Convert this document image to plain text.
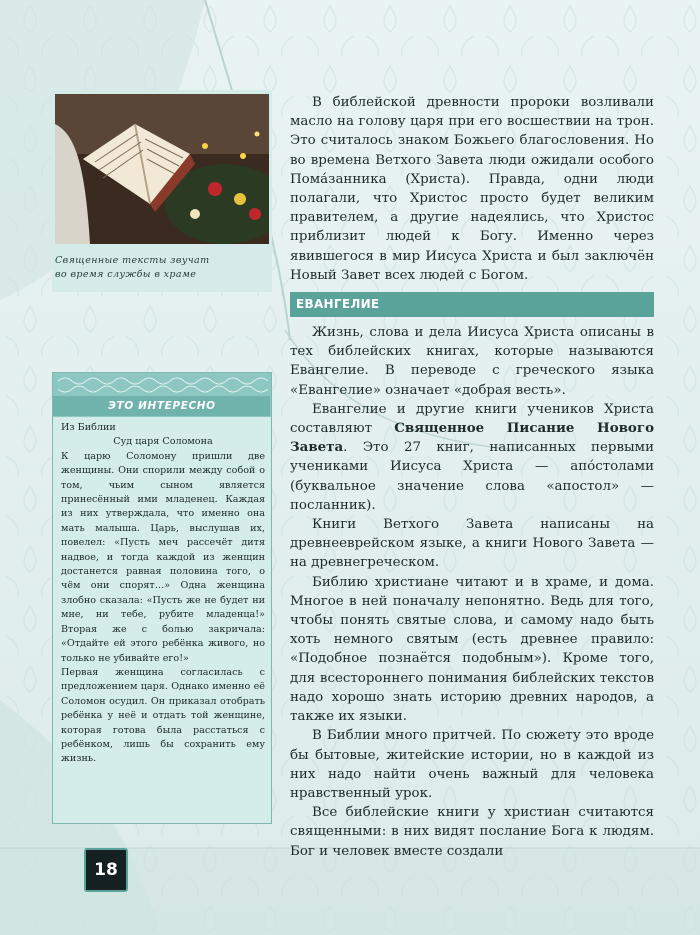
Священные тексты звучат
во время службы в храме
ЭТО ИНТЕРЕСНО

Из Библии

Суд царя Соломона

К царю Соломону пришли две женщины. Они спорили между собой о том, чьим сыном является принесённый ими младенец. Каждая из них утверждала, что именно она мать малыша. Царь, выслушав их, повелел: «Пусть меч рассечёт дитя надвое, и тогда каждой из женщин достанется равная половина того, о чём они спорят…» Одна женщина злобно сказала: «Пусть же не будет ни мне, ни тебе, рубите младенца!» Вторая же с болью закричала: «Отдайте ей этого ребёнка живого, но только не убивайте его!»

Первая женщина согласилась с предложением царя. Однако именно её Соломон осудил. Он приказал отобрать ребёнка у неё и отдать той женщине, которая готова была расстаться с ребёнком, лишь бы сохранить ему жизнь.

В библейской древности пророки возливали масло на голову царя при его восшествии на трон. Это считалось знаком Божьего благословения. Но во времена Ветхого Завета люди ожидали особого Пома́занника (Христа). Правда, одни люди полагали, что Христос просто будет великим правителем, а другие надеялись, что Христос приблизит людей к Богу. Именно через явившегося в мир Иисуса Христа и был заключён Новый Завет всех людей с Богом.

ЕВАНГЕЛИЕ

Жизнь, слова и дела Иисуса Христа описаны в тех библейских книгах, которые называются Евангелие. В переводе с греческого языка «Евангелие» означает «добрая весть».

Евангелие и другие книги учеников Христа составляют Священное Писание Нового Завета. Это 27 книг, написанных первыми учениками Иисуса Христа — апо́столами (буквальное значение слова «апостол» — посланник).

Книги Ветхого Завета написаны на древнееврейском языке, а книги Нового Завета — на древнегреческом.

Библию христиане читают и в храме, и дома. Многое в ней поначалу непонятно. Ведь для того, чтобы понять святые слова, и самому надо быть хоть немного святым (есть древнее правило: «Подобное познаётся подобным»). Кроме того, для всестороннего понимания библейских текстов надо хорошо знать историю древних народов, а также их языки.

В Библии много притчей. По сюжету это вроде бы бытовые, житейские истории, но в каждой из них надо найти очень важный для человека нравственный урок.

Все библейские книги у христиан считаются священными: в них видят послание Бога к людям. Бог и человек вместе создали

18
